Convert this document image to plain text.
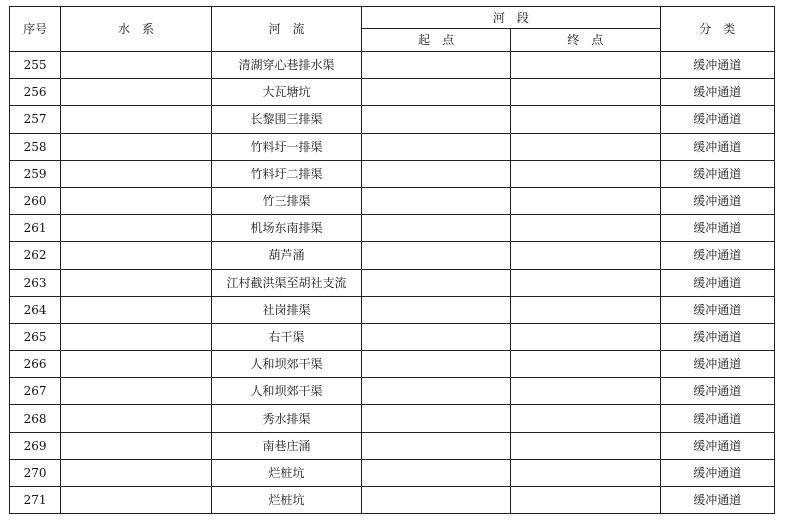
序号	水　系	河　流	河　段		分　类
			起　点	终　点	
255		清湖穿心巷排水渠			缓冲通道
256		大瓦塘坑			缓冲通道
257		长黎围三排渠			缓冲通道
258		竹料圩一排渠			缓冲通道
259		竹料圩二排渠			缓冲通道
260		竹三排渠			缓冲通道
261		机场东南排渠			缓冲通道
262		葫芦涌			缓冲通道
263		江村截洪渠至胡社支流			缓冲通道
264		社岗排渠			缓冲通道
265		右干渠			缓冲通道
266		人和坝郊干渠			缓冲通道
267		人和坝郊干渠			缓冲通道
268		秀水排渠			缓冲通道
269		南巷庄涌			缓冲通道
270		烂桩坑			缓冲通道
271		烂桩坑			缓冲通道
